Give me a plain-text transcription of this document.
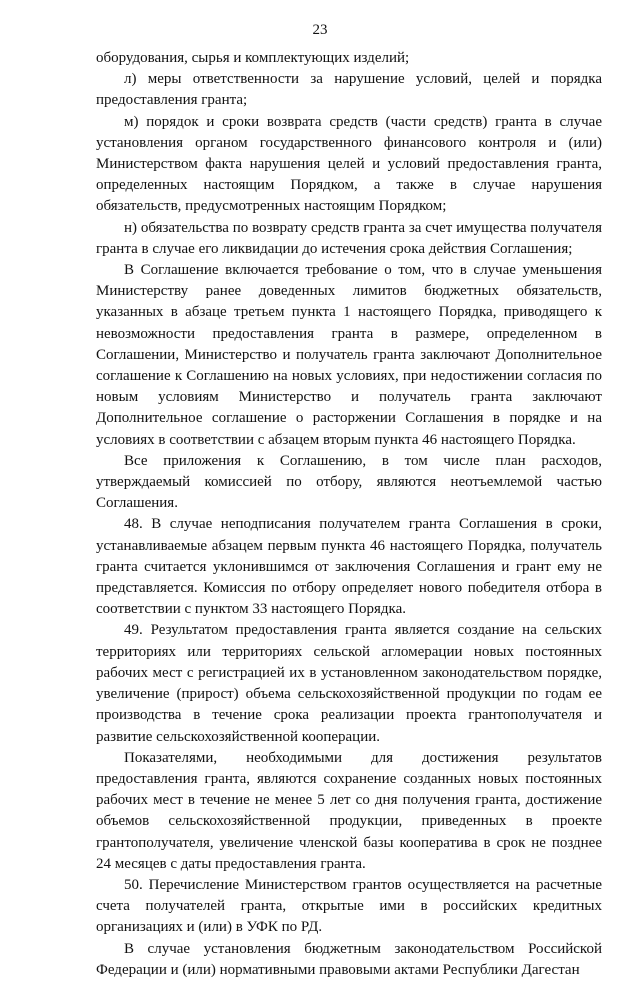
23

оборудования, сырья и комплектующих изделий;

л) меры ответственности за нарушение условий, целей и порядка предоставления гранта;

м) порядок и сроки возврата средств (части средств) гранта в случае установления органом государственного финансового контроля и (или) Министерством факта нарушения целей и условий предоставления гранта, определенных настоящим Порядком, а также в случае нарушения обязательств, предусмотренных настоящим Порядком;

н) обязательства по возврату средств гранта за счет имущества получателя гранта в случае его ликвидации до истечения срока действия Соглашения;

В Соглашение включается требование о том, что в случае уменьшения Министерству ранее доведенных лимитов бюджетных обязательств, указанных в абзаце третьем пункта 1 настоящего Порядка, приводящего к невозможности предоставления гранта в размере, определенном в Соглашении, Министерство и получатель гранта заключают Дополнительное соглашение к Соглашению на новых условиях, при недостижении согласия по новым условиям Министерство и получатель гранта заключают Дополнительное соглашение о расторжении Соглашения в порядке и на условиях в соответствии с абзацем вторым пункта 46 настоящего Порядка.

Все приложения к Соглашению, в том числе план расходов, утверждаемый комиссией по отбору, являются неотъемлемой частью Соглашения.

48. В случае неподписания получателем гранта Соглашения в сроки, устанавливаемые абзацем первым пункта 46 настоящего Порядка, получатель гранта считается уклонившимся от заключения Соглашения и грант ему не представляется. Комиссия по отбору определяет нового победителя отбора в соответствии с пунктом 33 настоящего Порядка.

49. Результатом предоставления гранта является создание на сельских территориях или территориях сельской агломерации новых постоянных рабочих мест с регистрацией их в установленном законодательством порядке, увеличение (прирост) объема сельскохозяйственной продукции по годам ее производства в течение срока реализации проекта грантополучателя и развитие сельскохозяйственной кооперации.

Показателями, необходимыми для достижения результатов предоставления гранта, являются сохранение созданных новых постоянных рабочих мест в течение не менее 5 лет со дня получения гранта, достижение объемов сельскохозяйственной продукции, приведенных в проекте грантополучателя, увеличение членской базы кооператива в срок не позднее 24 месяцев с даты предоставления гранта.

50. Перечисление Министерством грантов осуществляется на расчетные счета получателей гранта, открытые ими в российских кредитных организациях и (или) в УФК по РД.

В случае установления бюджетным законодательством Российской Федерации и (или) нормативными правовыми актами Республики Дагестан
